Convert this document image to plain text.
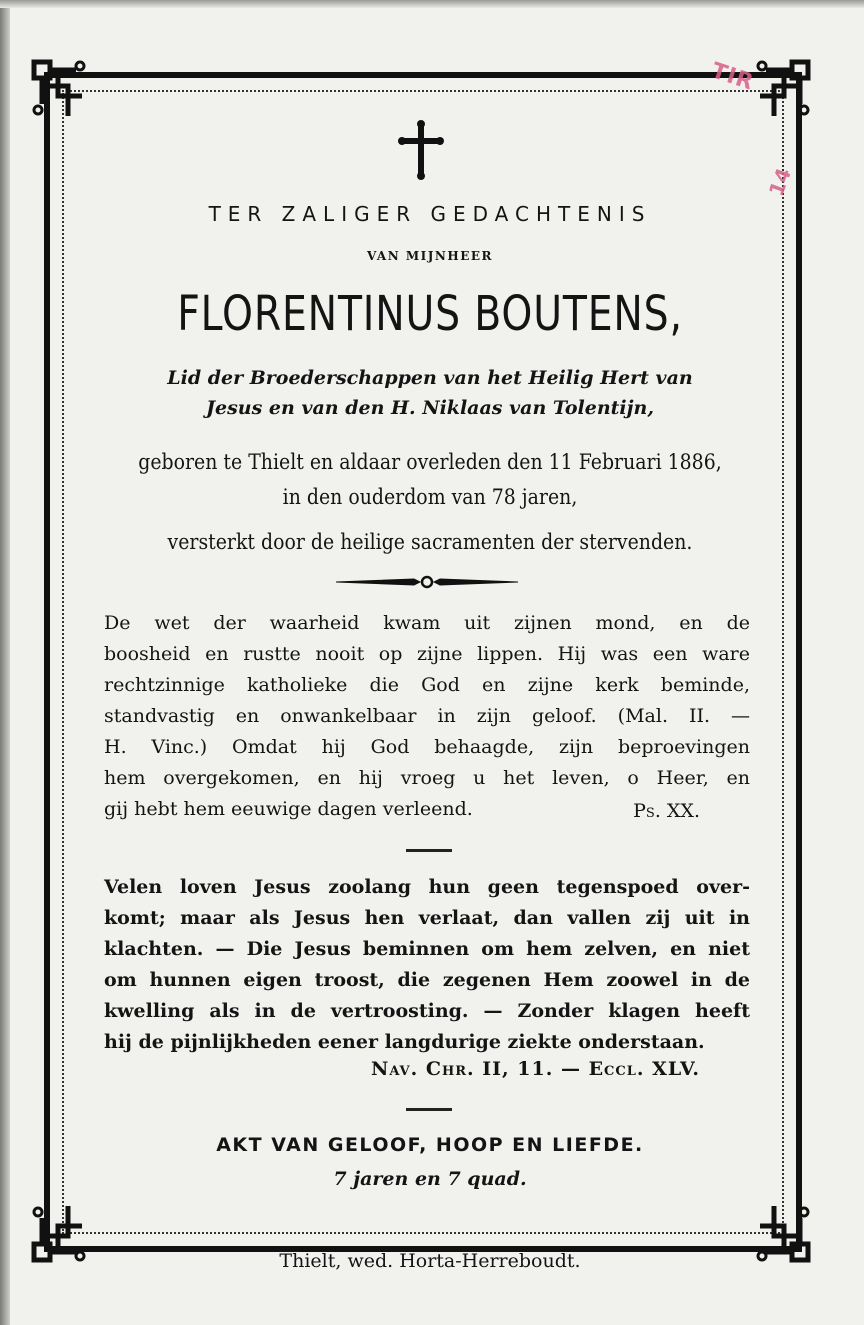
TIR
14
TER ZALIGER GEDACHTENIS
VAN MIJNHEER
FLORENTINUS BOUTENS,
Lid der Broederschappen van het Heilig Hert van
Jesus en van den H. Niklaas van Tolentijn,
geboren te Thielt en aldaar overleden den 11 Februari 1886,
in den ouderdom van 78 jaren,
versterkt door de heilige sacramenten der stervenden.
De wet der waarheid kwam uit zijnen mond, en de
boosheid en rustte nooit op zijne lippen. Hij was een ware
rechtzinnige katholieke die God en zijne kerk beminde,
standvastig en onwankelbaar in zijn geloof. (Mal. II. —
H. Vinc.) Omdat hij God behaagde, zijn beproevingen
hem overgekomen, en hij vroeg u het leven, o Heer, en
gij hebt hem eeuwige dagen verleend.	Ps. XX.
Velen loven Jesus zoolang hun geen tegenspoed over-
komt; maar als Jesus hen verlaat, dan vallen zij uit in
klachten. — Die Jesus beminnen om hem zelven, en niet
om hunnen eigen troost, die zegenen Hem zoowel in de
kwelling als in de vertroosting. — Zonder klagen heeft
hij de pijnlijkheden eener langdurige ziekte onderstaan.
Nav. Chr. II, 11. — Eccl. XLV.
AKT VAN GELOOF, HOOP EN LIEFDE.
7 jaren en 7 quad.
Thielt, wed. Horta-Herreboudt.
